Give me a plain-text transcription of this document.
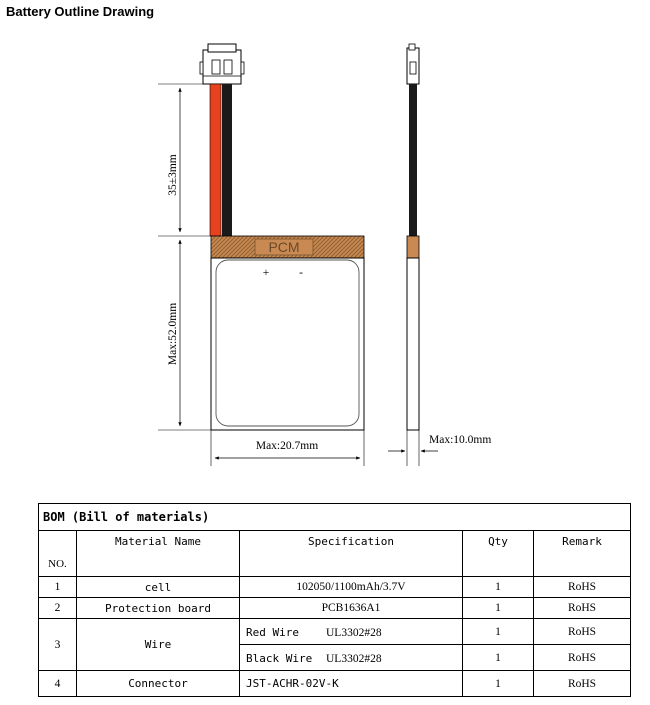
Battery Outline Drawing
PCM
+	-
35±3mm
Max:52.0mm
Max:20.7mm	Max:10.0mm
BOM (Bill of materials)				
NO.	Material Name	Specification	Qty	Remark
1	cell	102050/1100mAh/3.7V	1	RoHS
2	Protection board	PCB1636A1	1	RoHS
3	Wire	Red Wire UL3302#28	1	RoHS
		Black Wire UL3302#28	1	RoHS
4	Connector	JST-ACHR-02V-K	1	RoHS
